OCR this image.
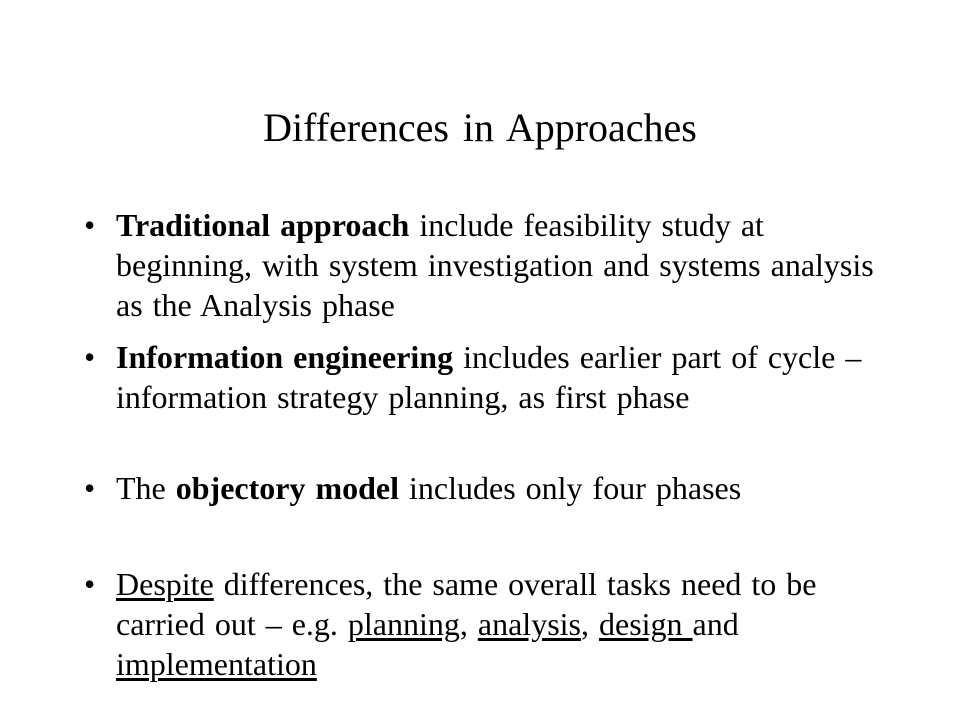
Differences in Approaches
• Traditional approach include feasibility study at beginning, with system investigation and systems analysis as the Analysis phase
• Information engineering includes earlier part of cycle – information strategy planning, as first phase
• The objectory model includes only four phases
• Despite differences, the same overall tasks need to be carried out – e.g. planning, analysis, design and implementation
